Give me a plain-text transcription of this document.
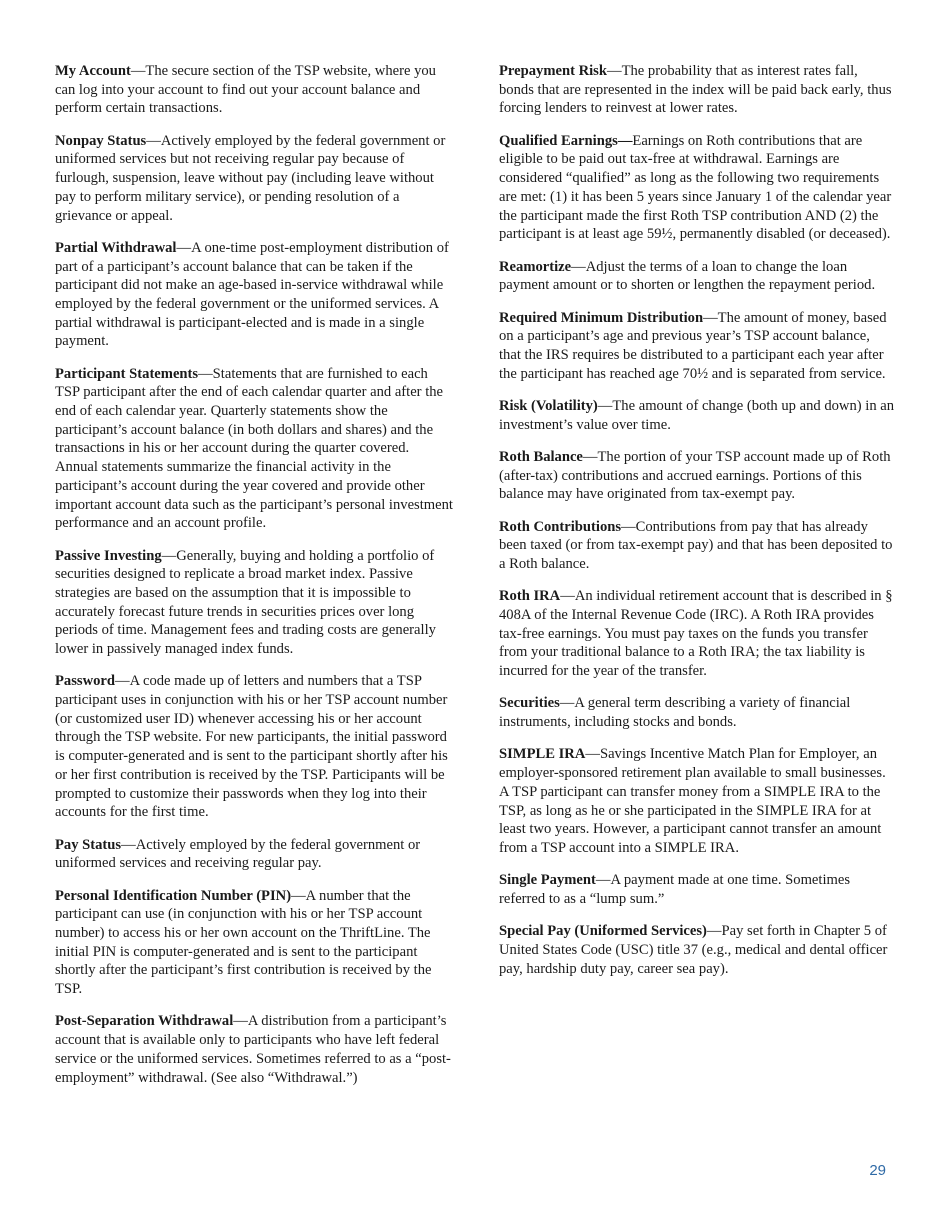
My Account—The secure section of the TSP website, where you can log into your account to find out your account balance and perform certain transactions.

Nonpay Status—Actively employed by the federal government or uniformed services but not receiving regular pay because of furlough, suspension, leave without pay (including leave without pay to perform military service), or pending resolution of a grievance or appeal.

Partial Withdrawal—A one-time post-employment distribution of part of a participant’s account balance that can be taken if the participant did not make an age-based in-service withdrawal while employed by the federal government or the uniformed services. A partial withdrawal is participant-elected and is made in a single payment.

Participant Statements—Statements that are furnished to each TSP participant after the end of each calendar quarter and after the end of each calendar year. Quarterly statements show the participant’s account balance (in both dollars and shares) and the transactions in his or her account during the quarter covered. Annual statements summarize the financial activity in the participant’s account during the year covered and provide other important account data such as the participant’s personal investment performance and an account profile.

Passive Investing—Generally, buying and holding a portfolio of securities designed to replicate a broad market index. Passive strategies are based on the assumption that it is impossible to accurately forecast future trends in securities prices over long periods of time. Management fees and trading costs are generally lower in passively managed index funds.

Password—A code made up of letters and numbers that a TSP participant uses in conjunction with his or her TSP account number (or customized user ID) whenever accessing his or her account through the TSP website. For new participants, the initial password is computer-generated and is sent to the participant shortly after his or her first contribution is received by the TSP. Participants will be prompted to customize their passwords when they log into their accounts for the first time.

Pay Status—Actively employed by the federal government or uniformed services and receiving regular pay.

Personal Identification Number (PIN)—A number that the participant can use (in conjunction with his or her TSP account number) to access his or her own account on the ThriftLine. The initial PIN is computer-generated and is sent to the participant shortly after the participant’s first contribution is received by the TSP.

Post-Separation Withdrawal—A distribution from a participant’s account that is available only to participants who have left federal service or the uniformed services. Sometimes referred to as a “post-employment” withdrawal. (See also “Withdrawal.”)

Prepayment Risk—The probability that as interest rates fall, bonds that are represented in the index will be paid back early, thus forcing lenders to reinvest at lower rates.

Qualified Earnings—Earnings on Roth contributions that are eligible to be paid out tax-free at withdrawal. Earnings are considered “qualified” as long as the following two requirements are met: (1) it has been 5 years since January 1 of the calendar year the participant made the first Roth TSP contribution AND (2) the participant is at least age 59½, permanently disabled (or deceased).

Reamortize—Adjust the terms of a loan to change the loan payment amount or to shorten or lengthen the repayment period.

Required Minimum Distribution—The amount of money, based on a participant’s age and previous year’s TSP account balance, that the IRS requires be distributed to a participant each year after the participant has reached age 70½ and is separated from service.

Risk (Volatility)—The amount of change (both up and down) in an investment’s value over time.

Roth Balance—The portion of your TSP account made up of Roth (after-tax) contributions and accrued earnings. Portions of this balance may have originated from tax-exempt pay.

Roth Contributions—Contributions from pay that has already been taxed (or from tax-exempt pay) and that has been deposited to a Roth balance.

Roth IRA—An individual retirement account that is described in § 408A of the Internal Revenue Code (IRC). A Roth IRA provides tax-free earnings. You must pay taxes on the funds you transfer from your traditional balance to a Roth IRA; the tax liability is incurred for the year of the transfer.

Securities—A general term describing a variety of financial instruments, including stocks and bonds.

SIMPLE IRA—Savings Incentive Match Plan for Employer, an employer-sponsored retirement plan available to small businesses. A TSP participant can transfer money from a SIMPLE IRA to the TSP, as long as he or she participated in the SIMPLE IRA for at least two years. However, a participant cannot transfer an amount from a TSP account into a SIMPLE IRA.

Single Payment—A payment made at one time. Sometimes referred to as a “lump sum.”

Special Pay (Uniformed Services)—Pay set forth in Chapter 5 of United States Code (USC) title 37 (e.g., medical and dental officer pay, hardship duty pay, career sea pay).

29
